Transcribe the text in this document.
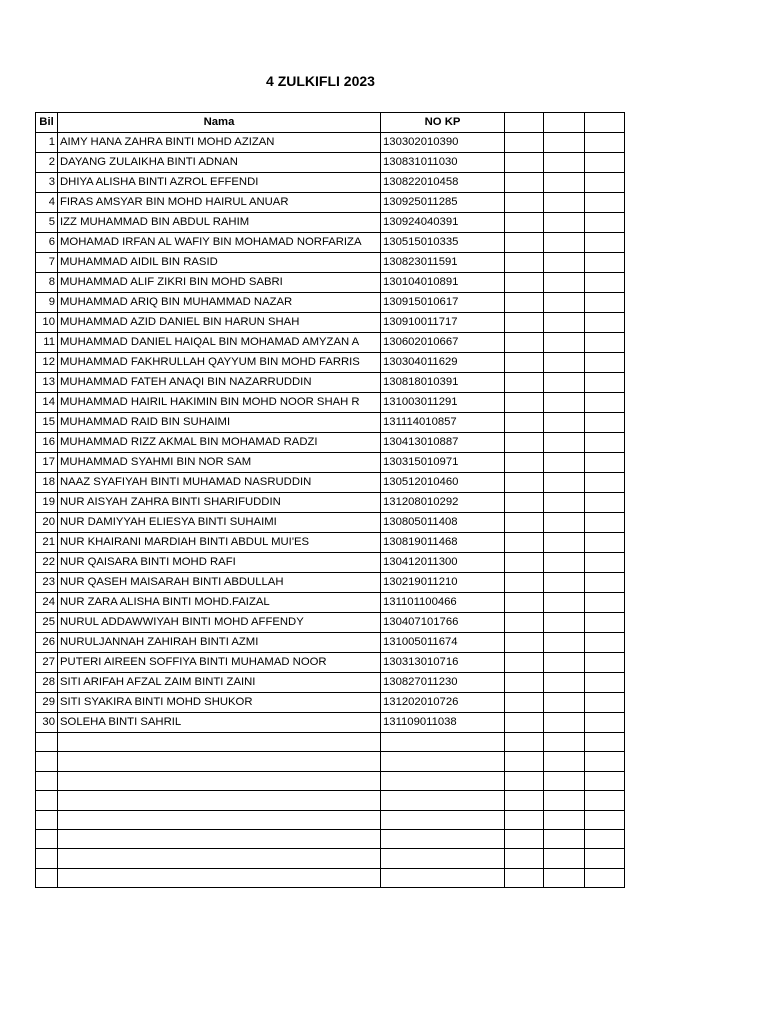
4 ZULKIFLI 2023
Bil	Nama	NO KP			
1	AIMY HANA ZAHRA BINTI MOHD AZIZAN	130302010390			
2	DAYANG ZULAIKHA BINTI ADNAN	130831011030			
3	DHIYA ALISHA BINTI AZROL EFFENDI	130822010458			
4	FIRAS AMSYAR BIN MOHD HAIRUL ANUAR	130925011285			
5	IZZ MUHAMMAD BIN ABDUL RAHIM	130924040391			
6	MOHAMAD IRFAN AL WAFIY BIN MOHAMAD NORFARIZA	130515010335			
7	MUHAMMAD AIDIL BIN RASID	130823011591			
8	MUHAMMAD ALIF ZIKRI BIN MOHD SABRI	130104010891			
9	MUHAMMAD ARIQ BIN MUHAMMAD NAZAR	130915010617			
10	MUHAMMAD AZID DANIEL BIN HARUN SHAH	130910011717			
11	MUHAMMAD DANIEL HAIQAL BIN MOHAMAD AMYZAN A	130602010667			
12	MUHAMMAD FAKHRULLAH QAYYUM BIN MOHD FARRIS	130304011629			
13	MUHAMMAD FATEH ANAQI BIN NAZARRUDDIN	130818010391			
14	MUHAMMAD HAIRIL HAKIMIN BIN MOHD NOOR SHAH R	131003011291			
15	MUHAMMAD RAID BIN SUHAIMI	131114010857			
16	MUHAMMAD RIZZ AKMAL BIN MOHAMAD RADZI	130413010887			
17	MUHAMMAD SYAHMI BIN NOR SAM	130315010971			
18	NAAZ SYAFIYAH BINTI MUHAMAD NASRUDDIN	130512010460			
19	NUR AISYAH ZAHRA BINTI SHARIFUDDIN	131208010292			
20	NUR DAMIYYAH ELIESYA BINTI SUHAIMI	130805011408			
21	NUR KHAIRANI MARDIAH BINTI ABDUL MUI'ES	130819011468			
22	NUR QAISARA BINTI MOHD RAFI	130412011300			
23	NUR QASEH MAISARAH BINTI ABDULLAH	130219011210			
24	NUR ZARA ALISHA BINTI MOHD.FAIZAL	131101100466			
25	NURUL ADDAWWIYAH BINTI MOHD AFFENDY	130407101766			
26	NURULJANNAH ZAHIRAH BINTI AZMI	131005011674			
27	PUTERI AIREEN SOFFIYA BINTI MUHAMAD NOOR	130313010716			
28	SITI ARIFAH AFZAL ZAIM BINTI ZAINI	130827011230			
29	SITI SYAKIRA BINTI MOHD SHUKOR	131202010726			
30	SOLEHA BINTI SAHRIL	131109011038			
